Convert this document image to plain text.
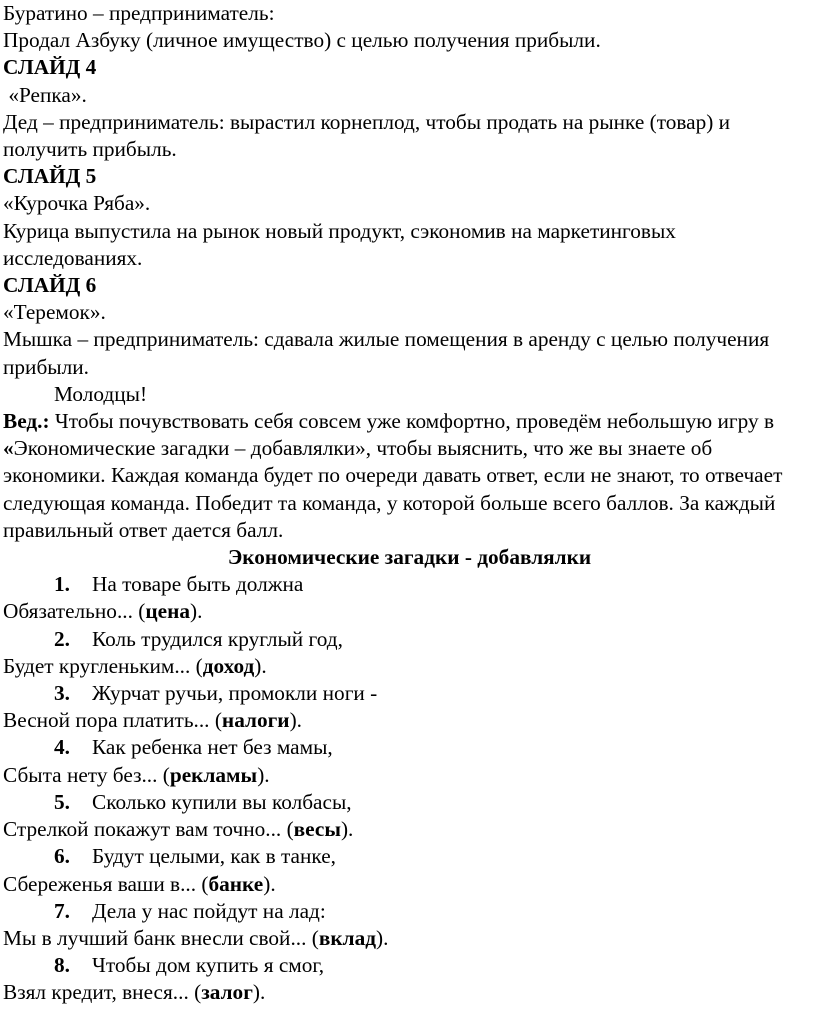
Буратино – предприниматель:

Продал Азбуку (личное имущество) с целью получения прибыли.

СЛАЙД 4

«Репка».

Дед – предприниматель: вырастил корнеплод, чтобы продать на рынке (товар) и получить прибыль.

СЛАЙД 5

«Курочка Ряба».

Курица выпустила на рынок новый продукт, сэкономив на маркетинговых исследованиях.

СЛАЙД 6

«Теремок».

Мышка – предприниматель: сдавала жилые помещения в аренду с целью получения прибыли.

Молодцы!

Вед.: Чтобы почувствовать себя совсем уже комфортно, проведём небольшую игру в «Экономические загадки – добавлялки», чтобы выяснить, что же вы знаете об экономики. Каждая команда будет по очереди давать ответ, если не знают, то отвечает следующая команда. Победит та команда, у которой больше всего баллов. За каждый правильный ответ дается балл.

Экономические загадки - добавлялки

1. На товаре быть должна

Обязательно... (цена).

2. Коль трудился круглый год,

Будет кругленьким... (доход).

3. Журчат ручьи, промокли ноги -

Весной пора платить... (налоги).

4. Как ребенка нет без мамы,

Сбыта нету без... (рекламы).

5. Сколько купили вы колбасы,

Стрелкой покажут вам точно... (весы).

6. Будут целыми, как в танке,

Сбереженья ваши в... (банке).

7. Дела у нас пойдут на лад:

Мы в лучший банк внесли свой... (вклад).

8. Чтобы дом купить я смог,

Взял кредит, внеся... (залог).
